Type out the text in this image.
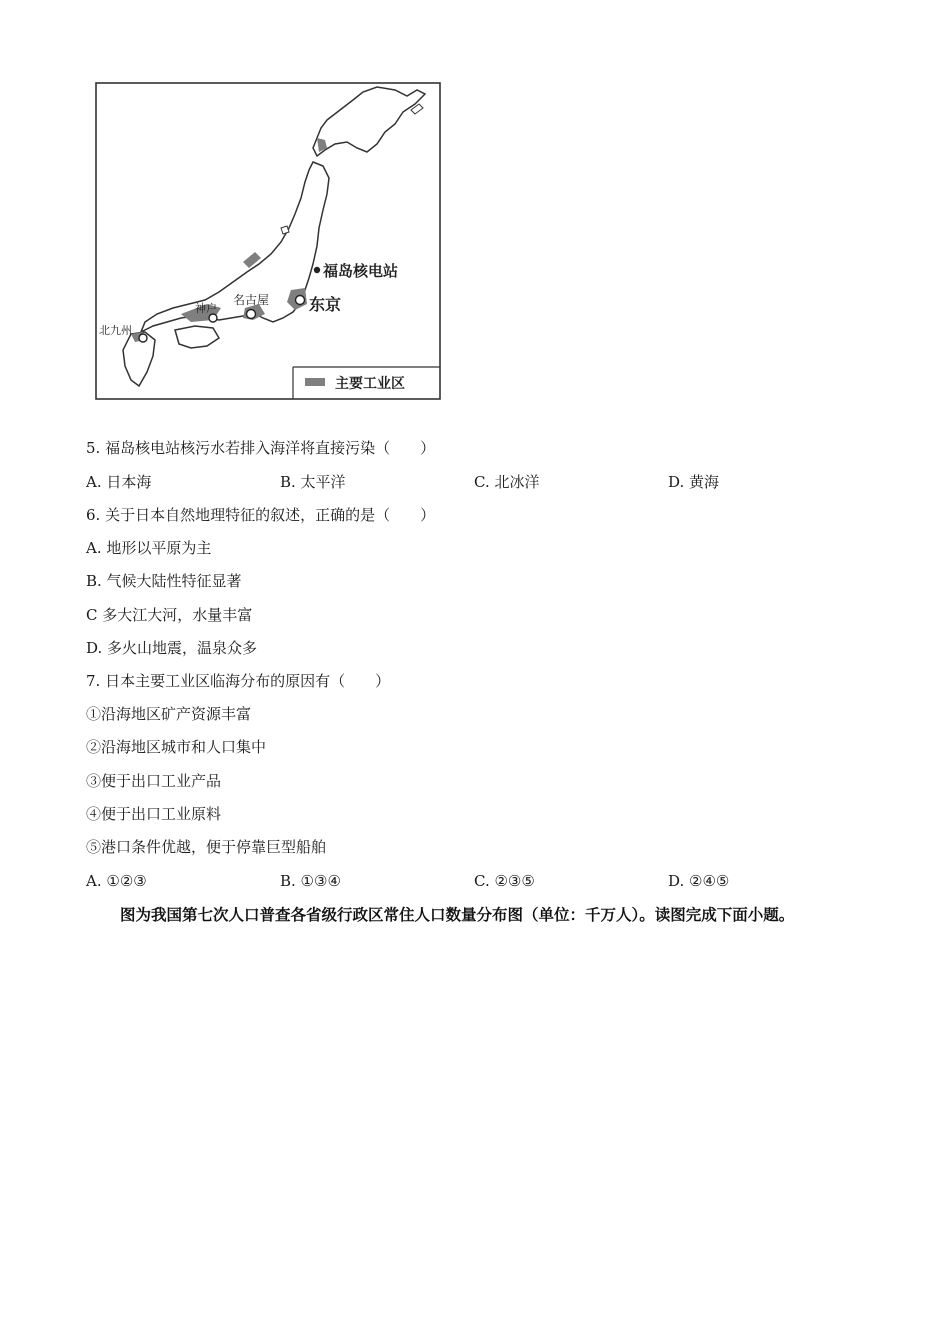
福岛核电站
东京
名古屋
神户
北九州
主要工业区
5. 福岛核电站核污水若排入海洋将直接污染（　　）
A. 日本海	B. 太平洋	C. 北冰洋	D. 黄海
6. 关于日本自然地理特征的叙述，正确的是（　　）
A. 地形以平原为主
B. 气候大陆性特征显著
C 多大江大河，水量丰富
D. 多火山地震，温泉众多
7. 日本主要工业区临海分布的原因有（　　）
①沿海地区矿产资源丰富
②沿海地区城市和人口集中
③便于出口工业产品
④便于出口工业原料
⑤港口条件优越，便于停靠巨型船舶
A. ①②③	B. ①③④	C. ②③⑤	D. ②④⑤
图为我国第七次人口普查各省级行政区常住人口数量分布图（单位：千万人）。读图完成下面小题。
